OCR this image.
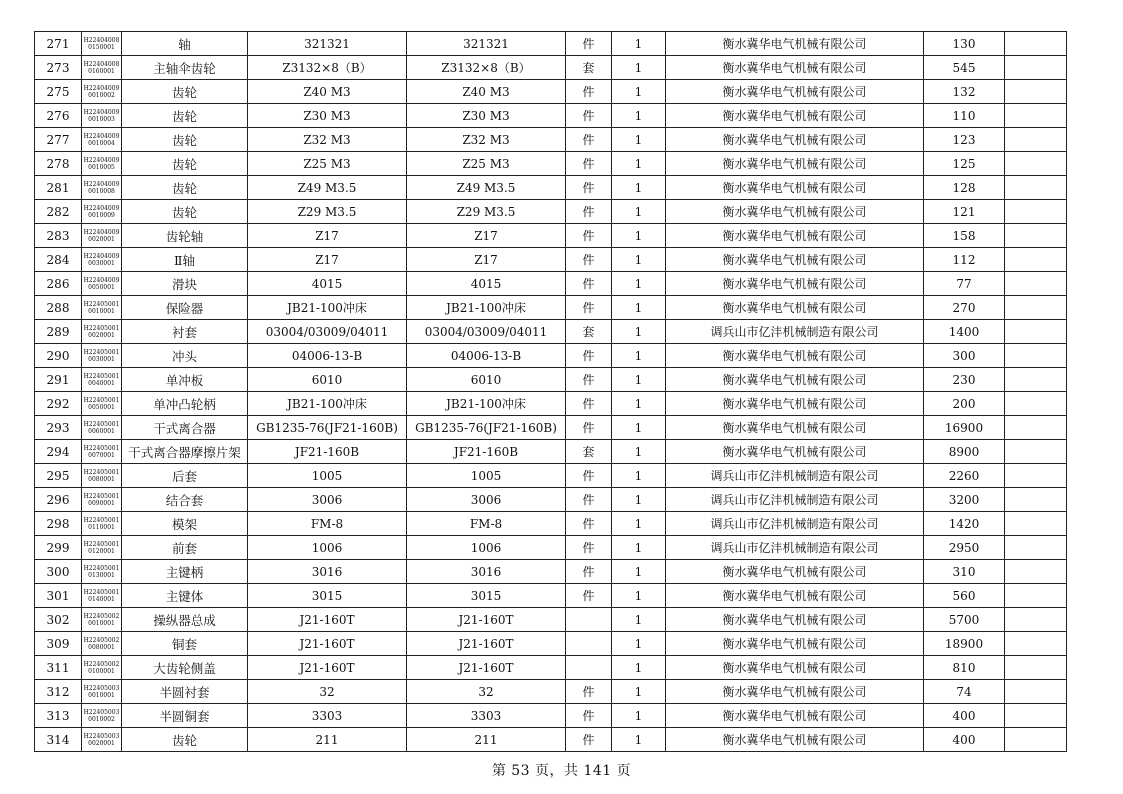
271	H224040080150001	轴	321321	321321	件	1	衡水冀华电气机械有限公司	130	
273	H224040080160001	主轴伞齿轮	Z3132×8（B）	Z3132×8（B）	套	1	衡水冀华电气机械有限公司	545	
275	H224040090010002	齿轮	Z40 M3	Z40 M3	件	1	衡水冀华电气机械有限公司	132	
276	H224040090010003	齿轮	Z30 M3	Z30 M3	件	1	衡水冀华电气机械有限公司	110	
277	H224040090010004	齿轮	Z32 M3	Z32 M3	件	1	衡水冀华电气机械有限公司	123	
278	H224040090010005	齿轮	Z25 M3	Z25 M3	件	1	衡水冀华电气机械有限公司	125	
281	H224040090010008	齿轮	Z49 M3.5	Z49 M3.5	件	1	衡水冀华电气机械有限公司	128	
282	H224040090010009	齿轮	Z29 M3.5	Z29 M3.5	件	1	衡水冀华电气机械有限公司	121	
283	H224040090020001	齿轮轴	Z17	Z17	件	1	衡水冀华电气机械有限公司	158	
284	H224040090030001	Ⅱ轴	Z17	Z17	件	1	衡水冀华电气机械有限公司	112	
286	H224040090050001	滑块	4015	4015	件	1	衡水冀华电气机械有限公司	77	
288	H224050010010001	保险器	JB21-100冲床	JB21-100冲床	件	1	衡水冀华电气机械有限公司	270	
289	H224050010020001	衬套	03004/03009/04011	03004/03009/04011	套	1	调兵山市亿沣机械制造有限公司	1400	
290	H224050010030001	冲头	04006-13-B	04006-13-B	件	1	衡水冀华电气机械有限公司	300	
291	H224050010040001	单冲板	6010	6010	件	1	衡水冀华电气机械有限公司	230	
292	H224050010050001	单冲凸轮柄	JB21-100冲床	JB21-100冲床	件	1	衡水冀华电气机械有限公司	200	
293	H224050010060001	干式离合器	GB1235-76(JF21-160B)	GB1235-76(JF21-160B)	件	1	衡水冀华电气机械有限公司	16900	
294	H224050010070001	干式离合器摩擦片架	JF21-160B	JF21-160B	套	1	衡水冀华电气机械有限公司	8900	
295	H224050010080001	后套	1005	1005	件	1	调兵山市亿沣机械制造有限公司	2260	
296	H224050010090001	结合套	3006	3006	件	1	调兵山市亿沣机械制造有限公司	3200	
298	H224050010110001	模架	FM-8	FM-8	件	1	调兵山市亿沣机械制造有限公司	1420	
299	H224050010120001	前套	1006	1006	件	1	调兵山市亿沣机械制造有限公司	2950	
300	H224050010130001	主键柄	3016	3016	件	1	衡水冀华电气机械有限公司	310	
301	H224050010140001	主键体	3015	3015	件	1	衡水冀华电气机械有限公司	560	
302	H224050020010001	操纵器总成	J21-160T	J21-160T		1	衡水冀华电气机械有限公司	5700	
309	H224050020080001	铜套	J21-160T	J21-160T		1	衡水冀华电气机械有限公司	18900	
311	H224050020100001	大齿轮侧盖	J21-160T	J21-160T		1	衡水冀华电气机械有限公司	810	
312	H224050030010001	半圆衬套	32	32	件	1	衡水冀华电气机械有限公司	74	
313	H224050030010002	半圆铜套	3303	3303	件	1	衡水冀华电气机械有限公司	400	
314	H224050030020001	齿轮	211	211	件	1	衡水冀华电气机械有限公司	400	
第 53 页，共 141 页
